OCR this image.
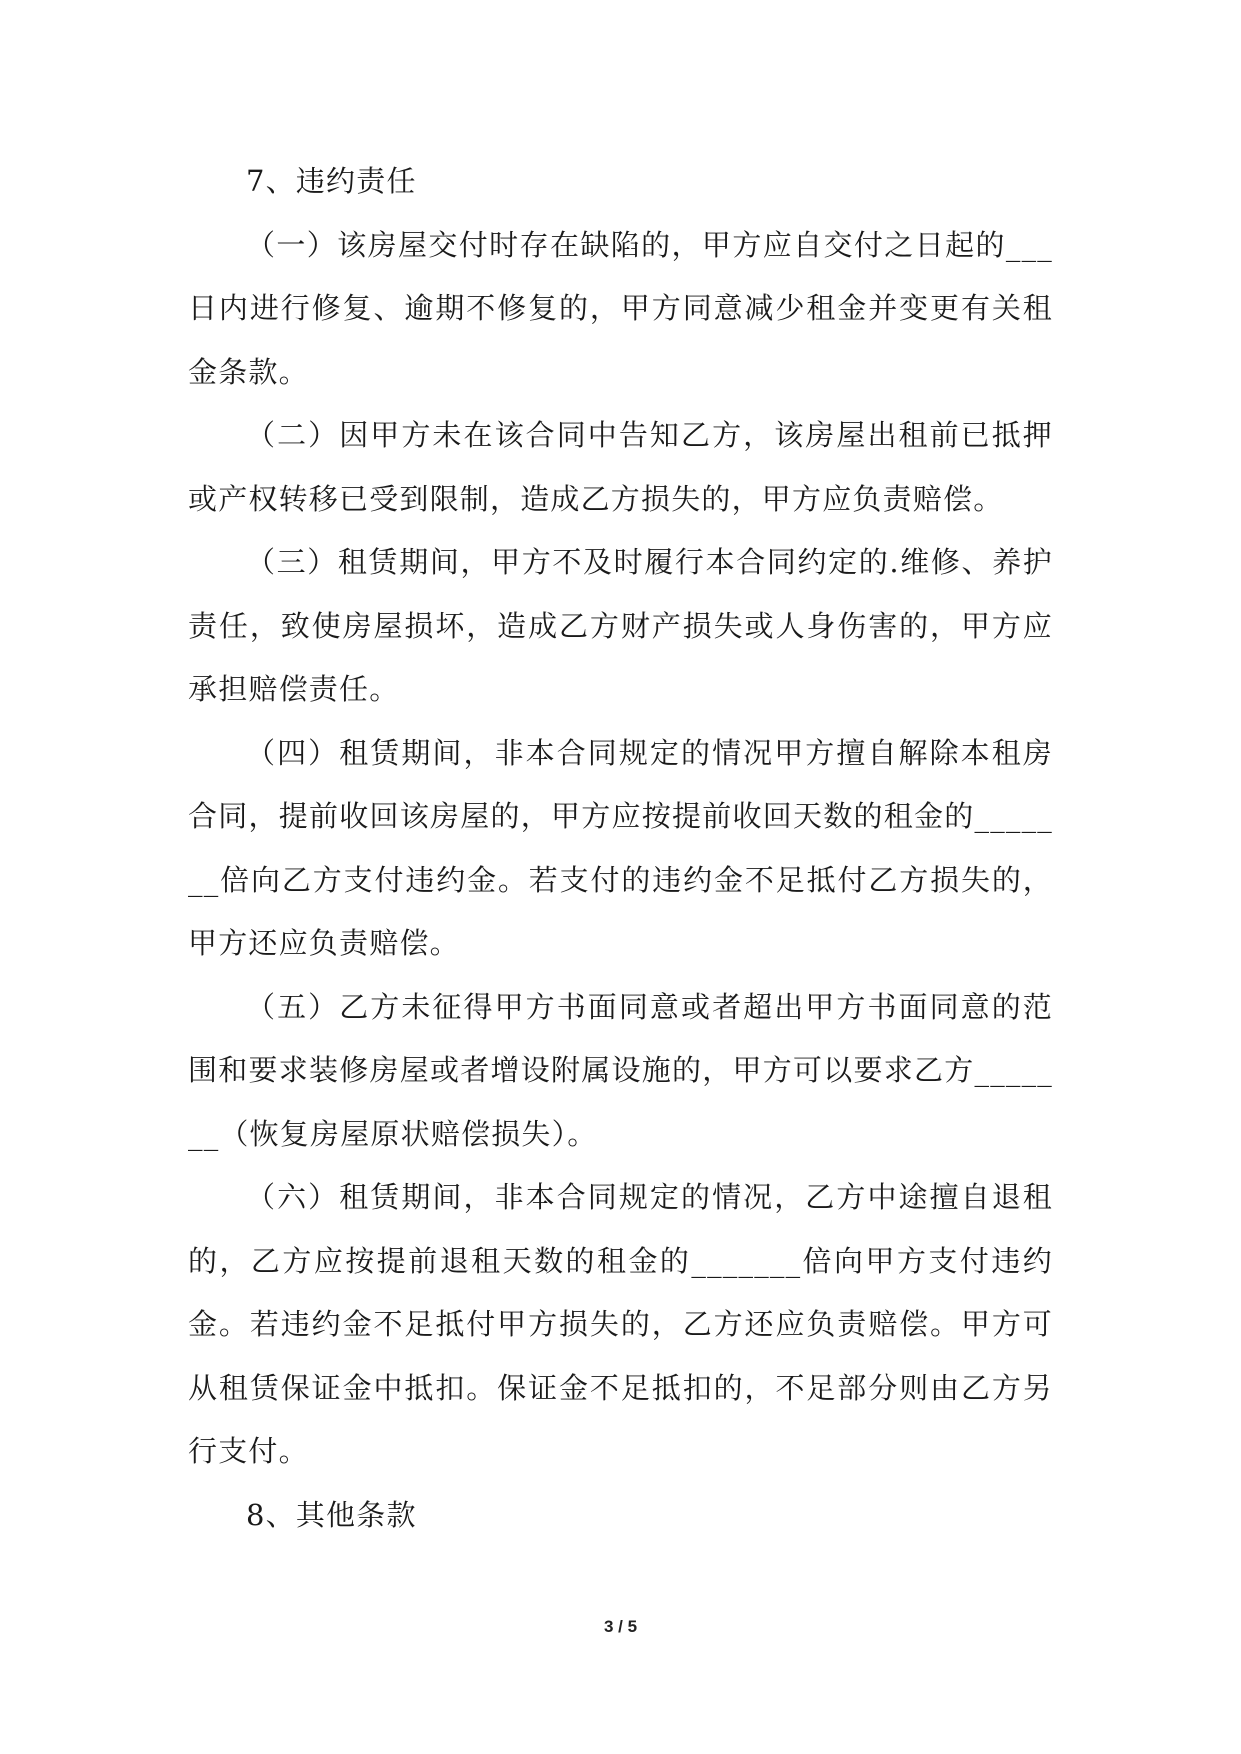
7、违约责任

（一）该房屋交付时存在缺陷的，甲方应自交付之日起的___日内进行修复、逾期不修复的，甲方同意减少租金并变更有关租金条款。

（二）因甲方未在该合同中告知乙方，该房屋出租前已抵押或产权转移已受到限制，造成乙方损失的，甲方应负责赔偿。

（三）租赁期间，甲方不及时履行本合同约定的.维修、养护责任，致使房屋损坏，造成乙方财产损失或人身伤害的，甲方应承担赔偿责任。

（四）租赁期间，非本合同规定的情况甲方擅自解除本租房合同，提前收回该房屋的，甲方应按提前收回天数的租金的_______倍向乙方支付违约金。若支付的违约金不足抵付乙方损失的，甲方还应负责赔偿。

（五）乙方未征得甲方书面同意或者超出甲方书面同意的范围和要求装修房屋或者增设附属设施的，甲方可以要求乙方_______（恢复房屋原状赔偿损失）。

（六）租赁期间，非本合同规定的情况，乙方中途擅自退租的，乙方应按提前退租天数的租金的_______倍向甲方支付违约金。若违约金不足抵付甲方损失的，乙方还应负责赔偿。甲方可从租赁保证金中抵扣。保证金不足抵扣的，不足部分则由乙方另行支付。

8、其他条款

3 / 5
